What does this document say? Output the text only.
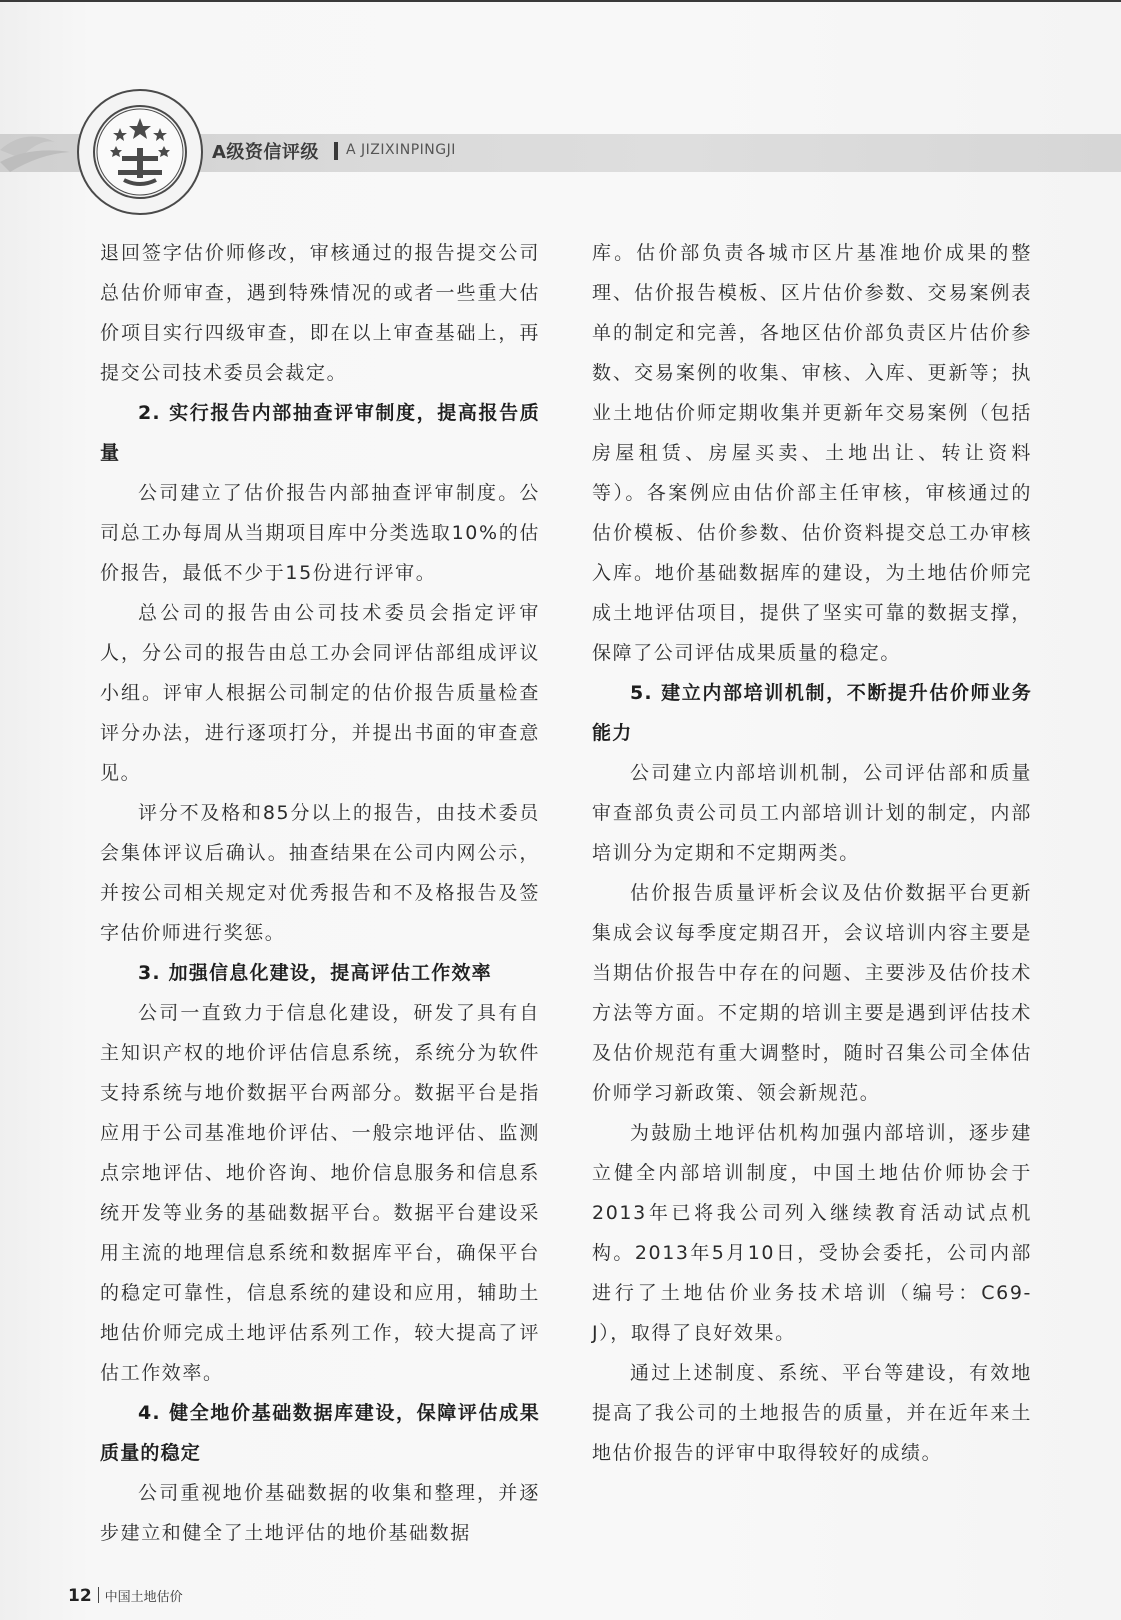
A级资信评级 A JIZIXINPINGJI

退回签字估价师修改，审核通过的报告提交公司总估价师审查，遇到特殊情况的或者一些重大估价项目实行四级审查，即在以上审查基础上，再提交公司技术委员会裁定。

2. 实行报告内部抽查评审制度，提高报告质量

公司建立了估价报告内部抽查评审制度。公司总工办每周从当期项目库中分类选取10%的估价报告，最低不少于15份进行评审。

总公司的报告由公司技术委员会指定评审人，分公司的报告由总工办会同评估部组成评议小组。评审人根据公司制定的估价报告质量检查评分办法，进行逐项打分，并提出书面的审查意见。

评分不及格和85分以上的报告，由技术委员会集体评议后确认。抽查结果在公司内网公示，并按公司相关规定对优秀报告和不及格报告及签字估价师进行奖惩。

3. 加强信息化建设，提高评估工作效率

公司一直致力于信息化建设，研发了具有自主知识产权的地价评估信息系统，系统分为软件支持系统与地价数据平台两部分。数据平台是指应用于公司基准地价评估、一般宗地评估、监测点宗地评估、地价咨询、地价信息服务和信息系统开发等业务的基础数据平台。数据平台建设采用主流的地理信息系统和数据库平台，确保平台的稳定可靠性，信息系统的建设和应用，辅助土地估价师完成土地评估系列工作，较大提高了评估工作效率。

4. 健全地价基础数据库建设，保障评估成果质量的稳定

公司重视地价基础数据的收集和整理，并逐步建立和健全了土地评估的地价基础数据

库。估价部负责各城市区片基准地价成果的整理、估价报告模板、区片估价参数、交易案例表单的制定和完善，各地区估价部负责区片估价参数、交易案例的收集、审核、入库、更新等；执业土地估价师定期收集并更新年交易案例（包括房屋租赁、房屋买卖、土地出让、转让资料等）。各案例应由估价部主任审核，审核通过的估价模板、估价参数、估价资料提交总工办审核入库。地价基础数据库的建设，为土地估价师完成土地评估项目，提供了坚实可靠的数据支撑，保障了公司评估成果质量的稳定。

5. 建立内部培训机制，不断提升估价师业务能力

公司建立内部培训机制，公司评估部和质量审查部负责公司员工内部培训计划的制定，内部培训分为定期和不定期两类。

估价报告质量评析会议及估价数据平台更新集成会议每季度定期召开，会议培训内容主要是当期估价报告中存在的问题、主要涉及估价技术方法等方面。不定期的培训主要是遇到评估技术及估价规范有重大调整时，随时召集公司全体估价师学习新政策、领会新规范。

为鼓励土地评估机构加强内部培训，逐步建立健全内部培训制度，中国土地估价师协会于2013年已将我公司列入继续教育活动试点机构。2013年5月10日，受协会委托，公司内部进行了土地估价业务技术培训（编号：C69-J），取得了良好效果。

通过上述制度、系统、平台等建设，有效地提高了我公司的土地报告的质量，并在近年来土地估价报告的评审中取得较好的成绩。

12 中国土地估价
